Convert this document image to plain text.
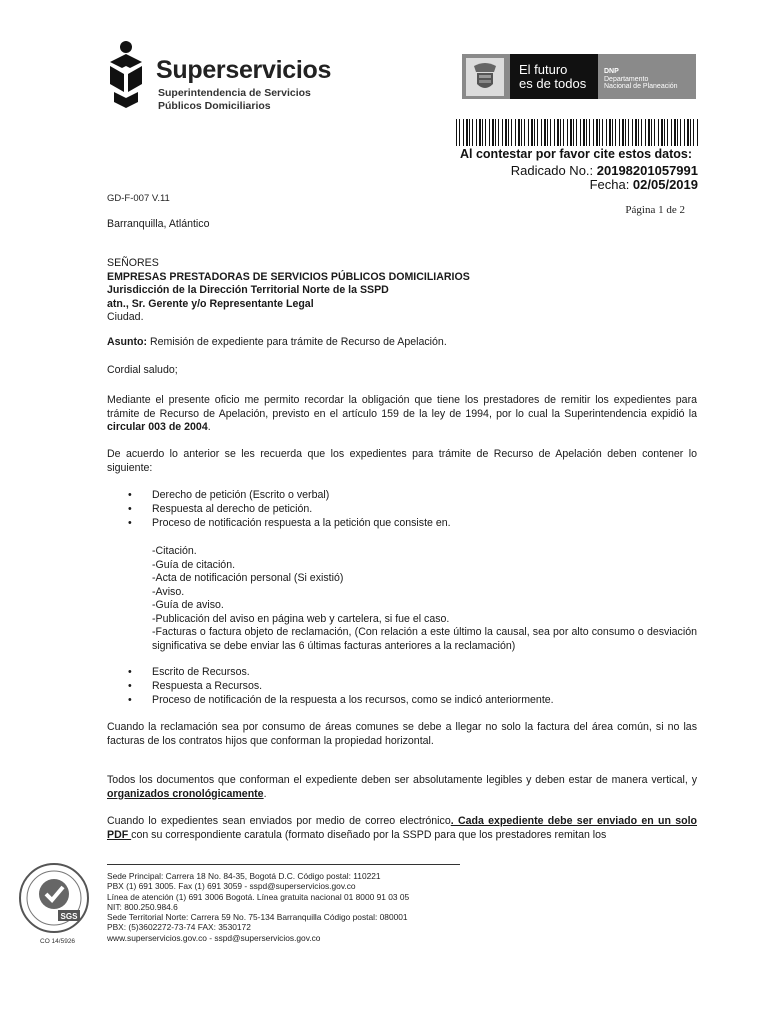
Superservicios
Superintendencia de Servicios
Públicos Domiciliarios
El futuro
es de todos
DNP
Departamento
Nacional de Planeación
Al contestar por favor cite estos datos:
Radicado No.: 20198201057991
Fecha: 02/05/2019
GD-F-007 V.11
Página 1 de 2
Barranquilla, Atlántico
SEÑORES
EMPRESAS PRESTADORAS DE SERVICIOS PÚBLICOS DOMICILIARIOS
Jurisdicción de la Dirección Territorial Norte de la SSPD
atn., Sr. Gerente y/o Representante Legal
Ciudad.
Asunto: Remisión de expediente para trámite de Recurso de Apelación.
Cordial saludo;
Mediante el presente oficio me permito recordar la obligación que tiene los prestadores de remitir los expedientes para trámite de Recurso de Apelación, previsto en el artículo 159 de la ley de 1994, por lo cual la Superintendencia expidió la circular 003 de 2004.
De acuerdo lo anterior se les recuerda que los expedientes para trámite de Recurso de Apelación deben contener lo siguiente:
• Derecho de petición (Escrito o verbal)
• Respuesta al derecho de petición.
• Proceso de notificación respuesta a la petición que consiste en.
-Citación.
-Guía de citación.
-Acta de notificación personal (Si existió)
-Aviso.
-Guía de aviso.
-Publicación del aviso en página web y cartelera, si fue el caso.
-Facturas o factura objeto de reclamación, (Con relación a este último la causal, sea por alto consumo o desviación significativa se debe enviar las 6 últimas facturas anteriores a la reclamación)
• Escrito de Recursos.
• Respuesta a Recursos.
• Proceso de notificación de la respuesta a los recursos, como se indicó anteriormente.
Cuando la reclamación sea por consumo de áreas comunes se debe a llegar no solo la factura del área común, si no las facturas de los contratos hijos que conforman la propiedad horizontal.
Todos los documentos que conforman el expediente deben ser absolutamente legibles y deben estar de manera vertical, y organizados cronológicamente.
Cuando lo expedientes sean enviados por medio de correo electrónico. Cada expediente debe ser enviado en un solo PDF con su correspondiente caratula (formato diseñado por la SSPD para que los prestadores remitan los
Sede Principal: Carrera 18 No. 84-35, Bogotá D.C. Código postal: 110221
PBX (1) 691 3005. Fax (1) 691 3059 - sspd@superservicios.gov.co
Línea de atención (1) 691 3006 Bogotá. Línea gratuita nacional 01 8000 91 03 05
NIT: 800.250.984.6
Sede Territorial Norte: Carrera 59 No. 75-134 Barranquilla Código postal: 080001
PBX: (5)3602272-73-74 FAX: 3530172
www.superservicios.gov.co - sspd@superservicios.gov.co
SGS
CO 14/5926
